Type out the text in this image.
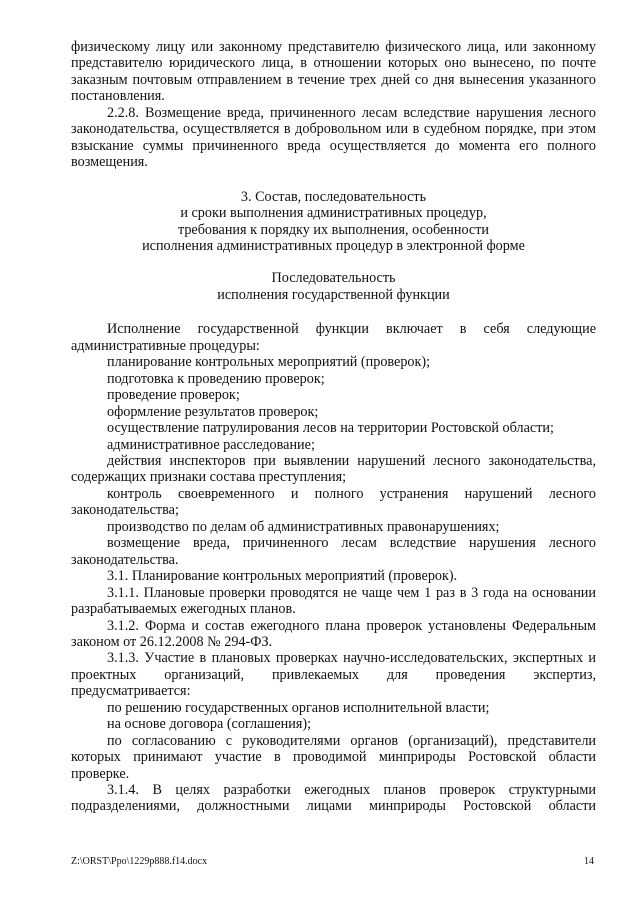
физическому лицу или законному представителю физического лица, или законному представителю юридического лица, в отношении которых оно вынесено, по почте заказным почтовым отправлением в течение трех дней со дня вынесения указанного постановления.

2.2.8. Возмещение вреда, причиненного лесам вследствие нарушения лесного законодательства, осуществляется в добровольном или в судебном порядке, при этом взыскание суммы причиненного вреда осуществляется до момента его полного возмещения.

3. Состав, последовательность

и сроки выполнения административных процедур,

требования к порядку их выполнения, особенности

исполнения административных процедур в электронной форме

Последовательность

исполнения государственной функции

Исполнение государственной функции включает в себя следующие административные процедуры:

планирование контрольных мероприятий (проверок);

подготовка к проведению проверок;

проведение проверок;

оформление результатов проверок;

осуществление патрулирования лесов на территории Ростовской области;

административное расследование;

действия инспекторов при выявлении нарушений лесного законодательства, содержащих признаки состава преступления;

контроль своевременного и полного устранения нарушений лесного законодательства;

производство по делам об административных правонарушениях;

возмещение вреда, причиненного лесам вследствие нарушения лесного законодательства.

3.1. Планирование контрольных мероприятий (проверок).

3.1.1. Плановые проверки проводятся не чаще чем 1 раз в 3 года на основании разрабатываемых ежегодных планов.

3.1.2. Форма и состав ежегодного плана проверок установлены Федеральным законом от 26.12.2008 № 294-ФЗ.

3.1.3. Участие в плановых проверках научно-исследовательских, экспертных и проектных организаций, привлекаемых для проведения экспертиз, предусматривается:

по решению государственных органов исполнительной власти;

на основе договора (соглашения);

по согласованию с руководителями органов (организаций), представители которых принимают участие в проводимой минприроды Ростовской области проверке.

3.1.4. В целях разработки ежегодных планов проверок структурными подразделениями, должностными лицами минприроды Ростовской области

Z:\ORST\Ppo\1229p888.f14.docx	14
